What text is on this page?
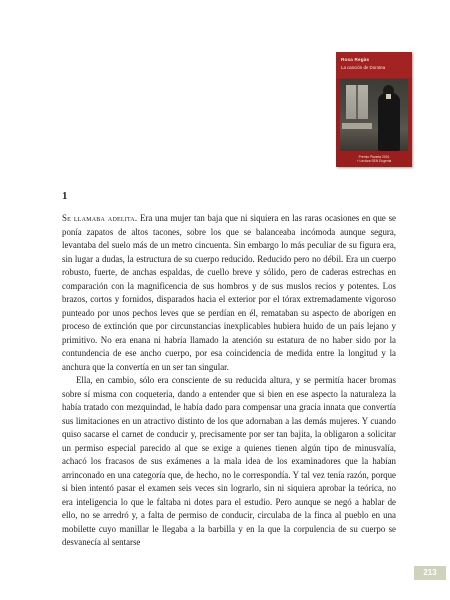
Rosa Regàs
La canción de Dorotea
Premio Planeta 2001
+ Lectura SEN Eugenia
1

Se llamaba adelita. Era una mujer tan baja que ni siquiera en las raras ocasiones en que se ponía zapatos de altos tacones, sobre los que se balanceaba incómoda aunque segura, levantaba del suelo más de un metro cincuenta. Sin embargo lo más peculiar de su figura era, sin lugar a dudas, la estructura de su cuerpo reducido. Reducido pero no débil. Era un cuerpo robusto, fuerte, de anchas espaldas, de cuello breve y sólido, pero de caderas estrechas en comparación con la magnificencia de sus hombros y de sus muslos recios y potentes. Los brazos, cortos y fornidos, disparados hacia el exterior por el tórax extremadamente vigoroso punteado por unos pechos leves que se perdían en él, remataban su aspecto de aborigen en proceso de extinción que por circunstancias inexplicables hubiera huido de un país lejano y primitivo. No era enana ni habría llamado la atención su estatura de no haber sido por la contundencia de ese ancho cuerpo, por esa coincidencia de medida entre la longitud y la anchura que la convertía en un ser tan singular.

Ella, en cambio, sólo era consciente de su reducida altura, y se permitía hacer bromas sobre sí misma con coquetería, dando a entender que si bien en ese aspecto la naturaleza la había tratado con mezquindad, le había dado para compensar una gracia innata que convertía sus limitaciones en un atractivo distinto de los que adornaban a las demás mujeres. Y cuando quiso sacarse el carnet de conducir y, precisamente por ser tan bajita, la obligaron a solicitar un permiso especial parecido al que se exige a quienes tienen algún tipo de minusvalía, achacó los fracasos de sus exámenes a la mala idea de los examinadores que la habían arrinconado en una categoría que, de hecho, no le correspondía. Y tal vez tenía razón, porque si bien intentó pasar el examen seis veces sin lograrlo, sin ni siquiera aprobar la teórica, no era inteligencia lo que le faltaba ni dotes para el estudio. Pero aunque se negó a hablar de ello, no se arredró y, a falta de permiso de conducir, circulaba de la finca al pueblo en una mobilette cuyo manillar le llegaba a la barbilla y en la que la corpulencia de su cuerpo se desvanecía al sentarse

213
